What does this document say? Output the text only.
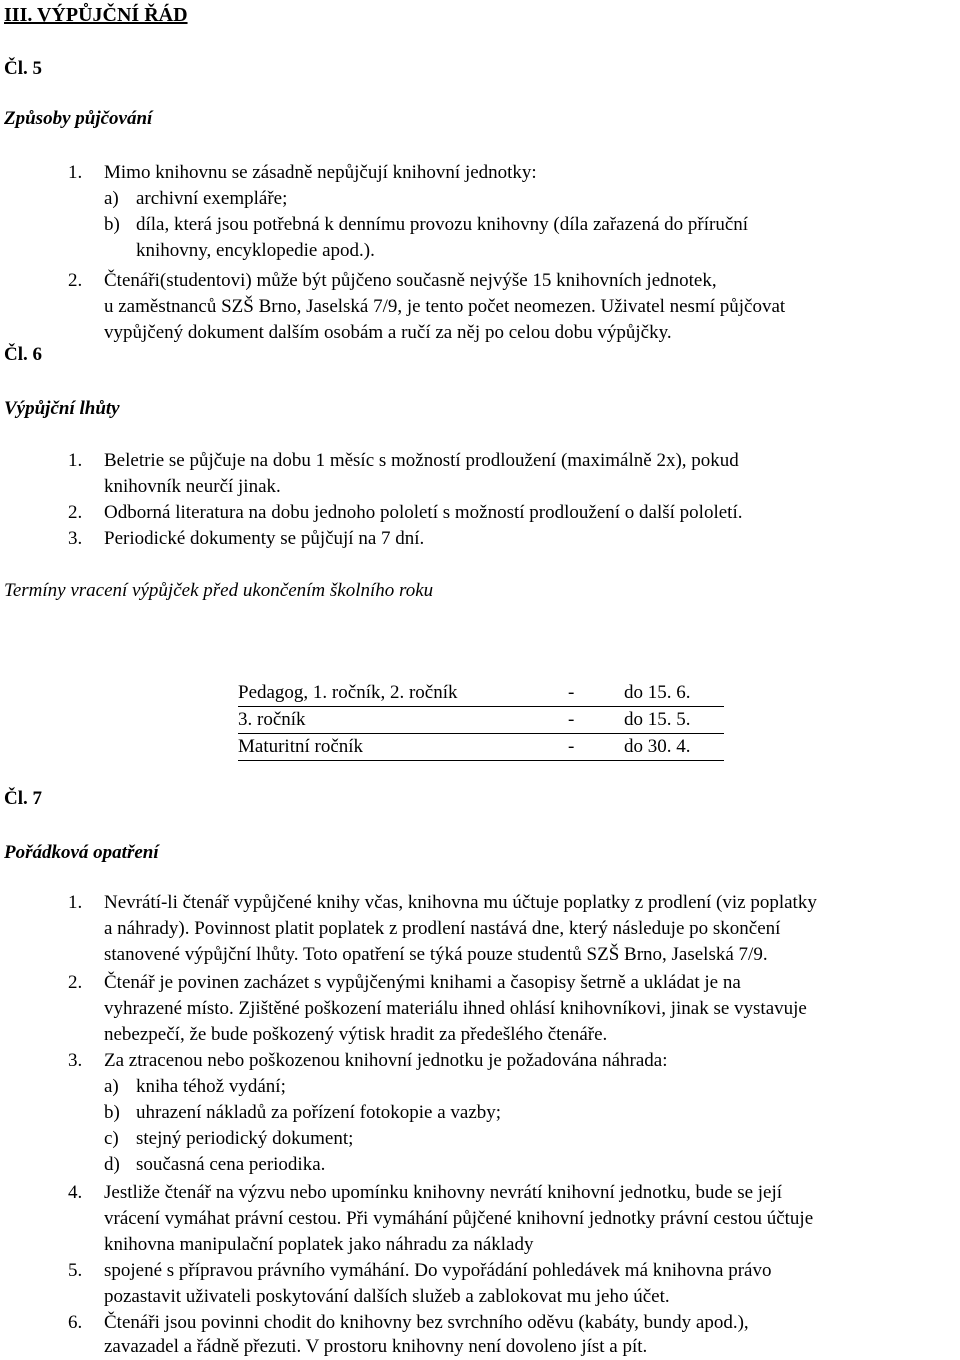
III. VÝPŮJČNÍ ŘÁD
Čl. 5
Způsoby půjčování
1. Mimo knihovnu se zásadně nepůjčují knihovní jednotky:
a) archivní exempláře;
b) díla, která jsou potřebná k dennímu provozu knihovny (díla zařazená do příruční
knihovny, encyklopedie apod.).
2. Čtenáři(studentovi) může být půjčeno současně nejvýše 15 knihovních jednotek,
u zaměstnanců SZŠ Brno, Jaselská 7/9, je tento počet neomezen. Uživatel nesmí půjčovat
vypůjčený dokument dalším osobám a ručí za něj po celou dobu výpůjčky.
Čl. 6
Výpůjční lhůty
1. Beletrie se půjčuje na dobu 1 měsíc s možností prodloužení (maximálně 2x), pokud
knihovník neurčí jinak.
2. Odborná literatura na dobu jednoho pololetí s možností prodloužení o další pololetí.
3. Periodické dokumenty se půjčují na 7 dní.
Termíny vracení výpůjček před ukončením školního roku
Pedagog, 1. ročník, 2. ročník	-	do 15. 6.
3. ročník	-	do 15. 5.
Maturitní ročník	-	do 30. 4.
Čl. 7
Pořádková opatření
1. Nevrátí-li čtenář vypůjčené knihy včas, knihovna mu účtuje poplatky z prodlení (viz poplatky
a náhrady). Povinnost platit poplatek z prodlení nastává dne, který následuje po skončení
stanovené výpůjční lhůty. Toto opatření se týká pouze studentů SZŠ Brno, Jaselská 7/9.
2. Čtenář je povinen zacházet s vypůjčenými knihami a časopisy šetrně a ukládat je na
vyhrazené místo. Zjištěné poškození materiálu ihned ohlásí knihovníkovi, jinak se vystavuje
nebezpečí, že bude poškozený výtisk hradit za předešlého čtenáře.
3. Za ztracenou nebo poškozenou knihovní jednotku je požadována náhrada:
a) kniha téhož vydání;
b) uhrazení nákladů za pořízení fotokopie a vazby;
c) stejný periodický dokument;
d) současná cena periodika.
4. Jestliže čtenář na výzvu nebo upomínku knihovny nevrátí knihovní jednotku, bude se její
vrácení vymáhat právní cestou. Při vymáhání půjčené knihovní jednotky právní cestou účtuje
knihovna manipulační poplatek jako náhradu za náklady
5. spojené s přípravou právního vymáhání. Do vypořádání pohledávek má knihovna právo
pozastavit uživateli poskytování dalších služeb a zablokovat mu jeho účet.
6. Čtenáři jsou povinni chodit do knihovny bez svrchního oděvu (kabáty, bundy apod.),
zavazadel a řádně přezuti. V prostoru knihovny není dovoleno jíst a pít.
